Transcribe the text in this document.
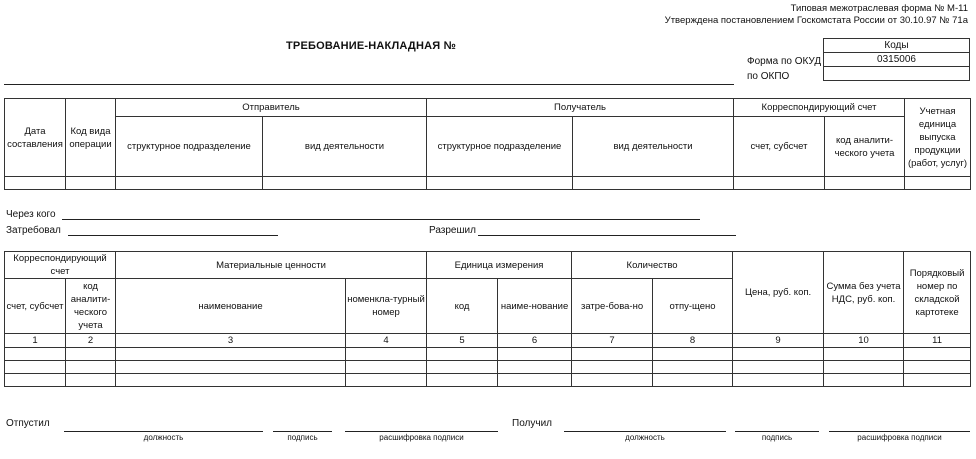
Типовая межотраслевая форма № М-11
Утверждена постановлением Госкомстата России от 30.10.97 № 71а
ТРЕБОВАНИЕ-НАКЛАДНАЯ №
Форма по ОКУД
по ОКПО
Коды
0315006

Дата составления	Код вида операции	Отправитель		Получатель		Корреспондирующий счет		Учетная единица выпуска продукции (работ, услуг)
		структурное подразделение	вид деятельности	структурное подразделение	вид деятельности	счет, субсчет	код аналити-ческого учета	

Через кого
Затребовал	Разрешил
Корреспондирующий счет		Материальные ценности		Единица измерения		Количество		Цена, руб. коп.	Сумма без учета НДС, руб. коп.	Порядковый номер по складской картотеке
счет, субсчет	код аналити-ческого учета	наименование	номенкла-турный номер	код	наиме-нование	затре-бова-но	отпу-щено			
1	2	3	4	5	6	7	8	9	10	11

Отпустил
должность	подпись	расшифровка подписи
Получил
должность	подпись	расшифровка подписи
